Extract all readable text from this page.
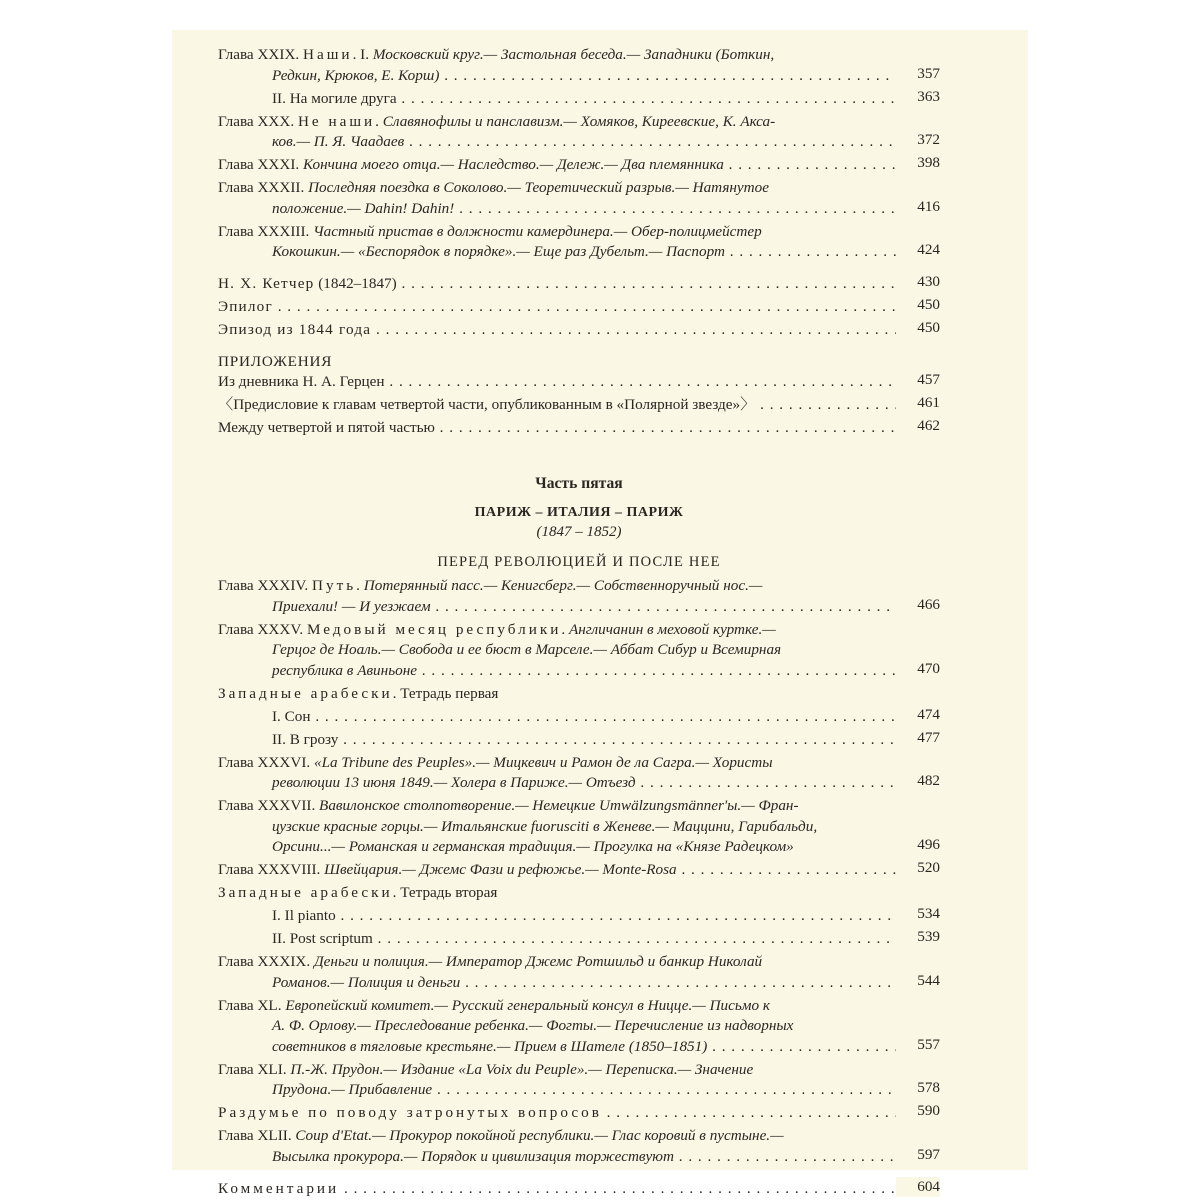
Глава XXIX. Наши. I. Московский круг.— Застольная беседа.— Западники (Боткин,
Редкин, Крюков, Е. Корш) . . .	357
II. На могиле друга . . .	363
Глава XXX. Не наши. Славянофилы и панславизм.— Хомяков, Киреевские, К. Акса-
ков.— П. Я. Чаадаев . . .	372
Глава XXXI. Кончина моего отца.— Наследство.— Дележ.— Два племянника . . .	398
Глава XXXII. Последняя поездка в Соколово.— Теоретический разрыв.— Натянутое
положение.— Dahin! Dahin! . . .	416
Глава XXXIII. Частный пристав в должности камердинера.— Обер-полицмейстер
Кокошкин.— «Беспорядок в порядке».— Еще раз Дубельт.— Паспорт . . .	424
Н. Х. Кетчер (1842–1847) . . .	430
Эпилог . . .	450
Эпизод из 1844 года . . .	450
ПРИЛОЖЕНИЯ
Из дневника Н. А. Герцен . . .	457
〈Предисловие к главам четвертой части, опубликованным в «Полярной звезде»〉 . . .	461
Между четвертой и пятой частью . . .	462
Часть пятая
ПАРИЖ – ИТАЛИЯ – ПАРИЖ
(1847 – 1852)
ПЕРЕД РЕВОЛЮЦИЕЙ И ПОСЛЕ НЕЕ
Глава XXXIV. Путь. Потерянный пасс.— Кенигсберг.— Собственноручный нос.—
Приехали! — И уезжаем . . .	466
Глава XXXV. Медовый месяц республики. Англичанин в меховой куртке.—
Герцог де Ноаль.— Свобода и ее бюст в Марселе.— Аббат Сибур и Всемирная
республика в Авиньоне . . .	470
Западные арабески. Тетрадь первая
I. Сон . . .	474
II. В грозу . . .	477
Глава XXXVI. «La Tribune des Peuples».— Мицкевич и Рамон де ла Сагра.— Хористы
революции 13 июня 1849.— Холера в Париже.— Отъезд . . .	482
Глава XXXVII. Вавилонское столпотворение.— Немецкие Umwälzungsmänner'ы.— Фран-
цузские красные горцы.— Итальянские fuorusciti в Женеве.— Маццини, Гарибальди,
Орсини...— Романская и германская традиция.— Прогулка на «Князе Радецком»	496
Глава XXXVIII. Швейцария.— Джемс Фази и рефюжье.— Monte-Rosa . . .	520
Западные арабески. Тетрадь вторая
I. Il pianto . . .	534
II. Post scriptum . . .	539
Глава XXXIX. Деньги и полиция.— Император Джемс Ротшильд и банкир Николай
Романов.— Полиция и деньги . . .	544
Глава XL. Европейский комитет.— Русский генеральный консул в Ницце.— Письмо к
А. Ф. Орлову.— Преследование ребенка.— Фогты.— Перечисление из надворных
советников в тягловые крестьяне.— Прием в Шателе (1850–1851) . . .	557
Глава XLI. П.-Ж. Прудон.— Издание «La Voix du Peuple».— Переписка.— Значение
Прудона.— Прибавление . . .	578
Раздумье по поводу затронутых вопросов . . .	590
Глава XLII. Coup d'Etat.— Прокурор покойной республики.— Глас коровий в пустыне.—
Высылка прокурора.— Порядок и цивилизация торжествуют . . .	597
Комментарии . . .	604
